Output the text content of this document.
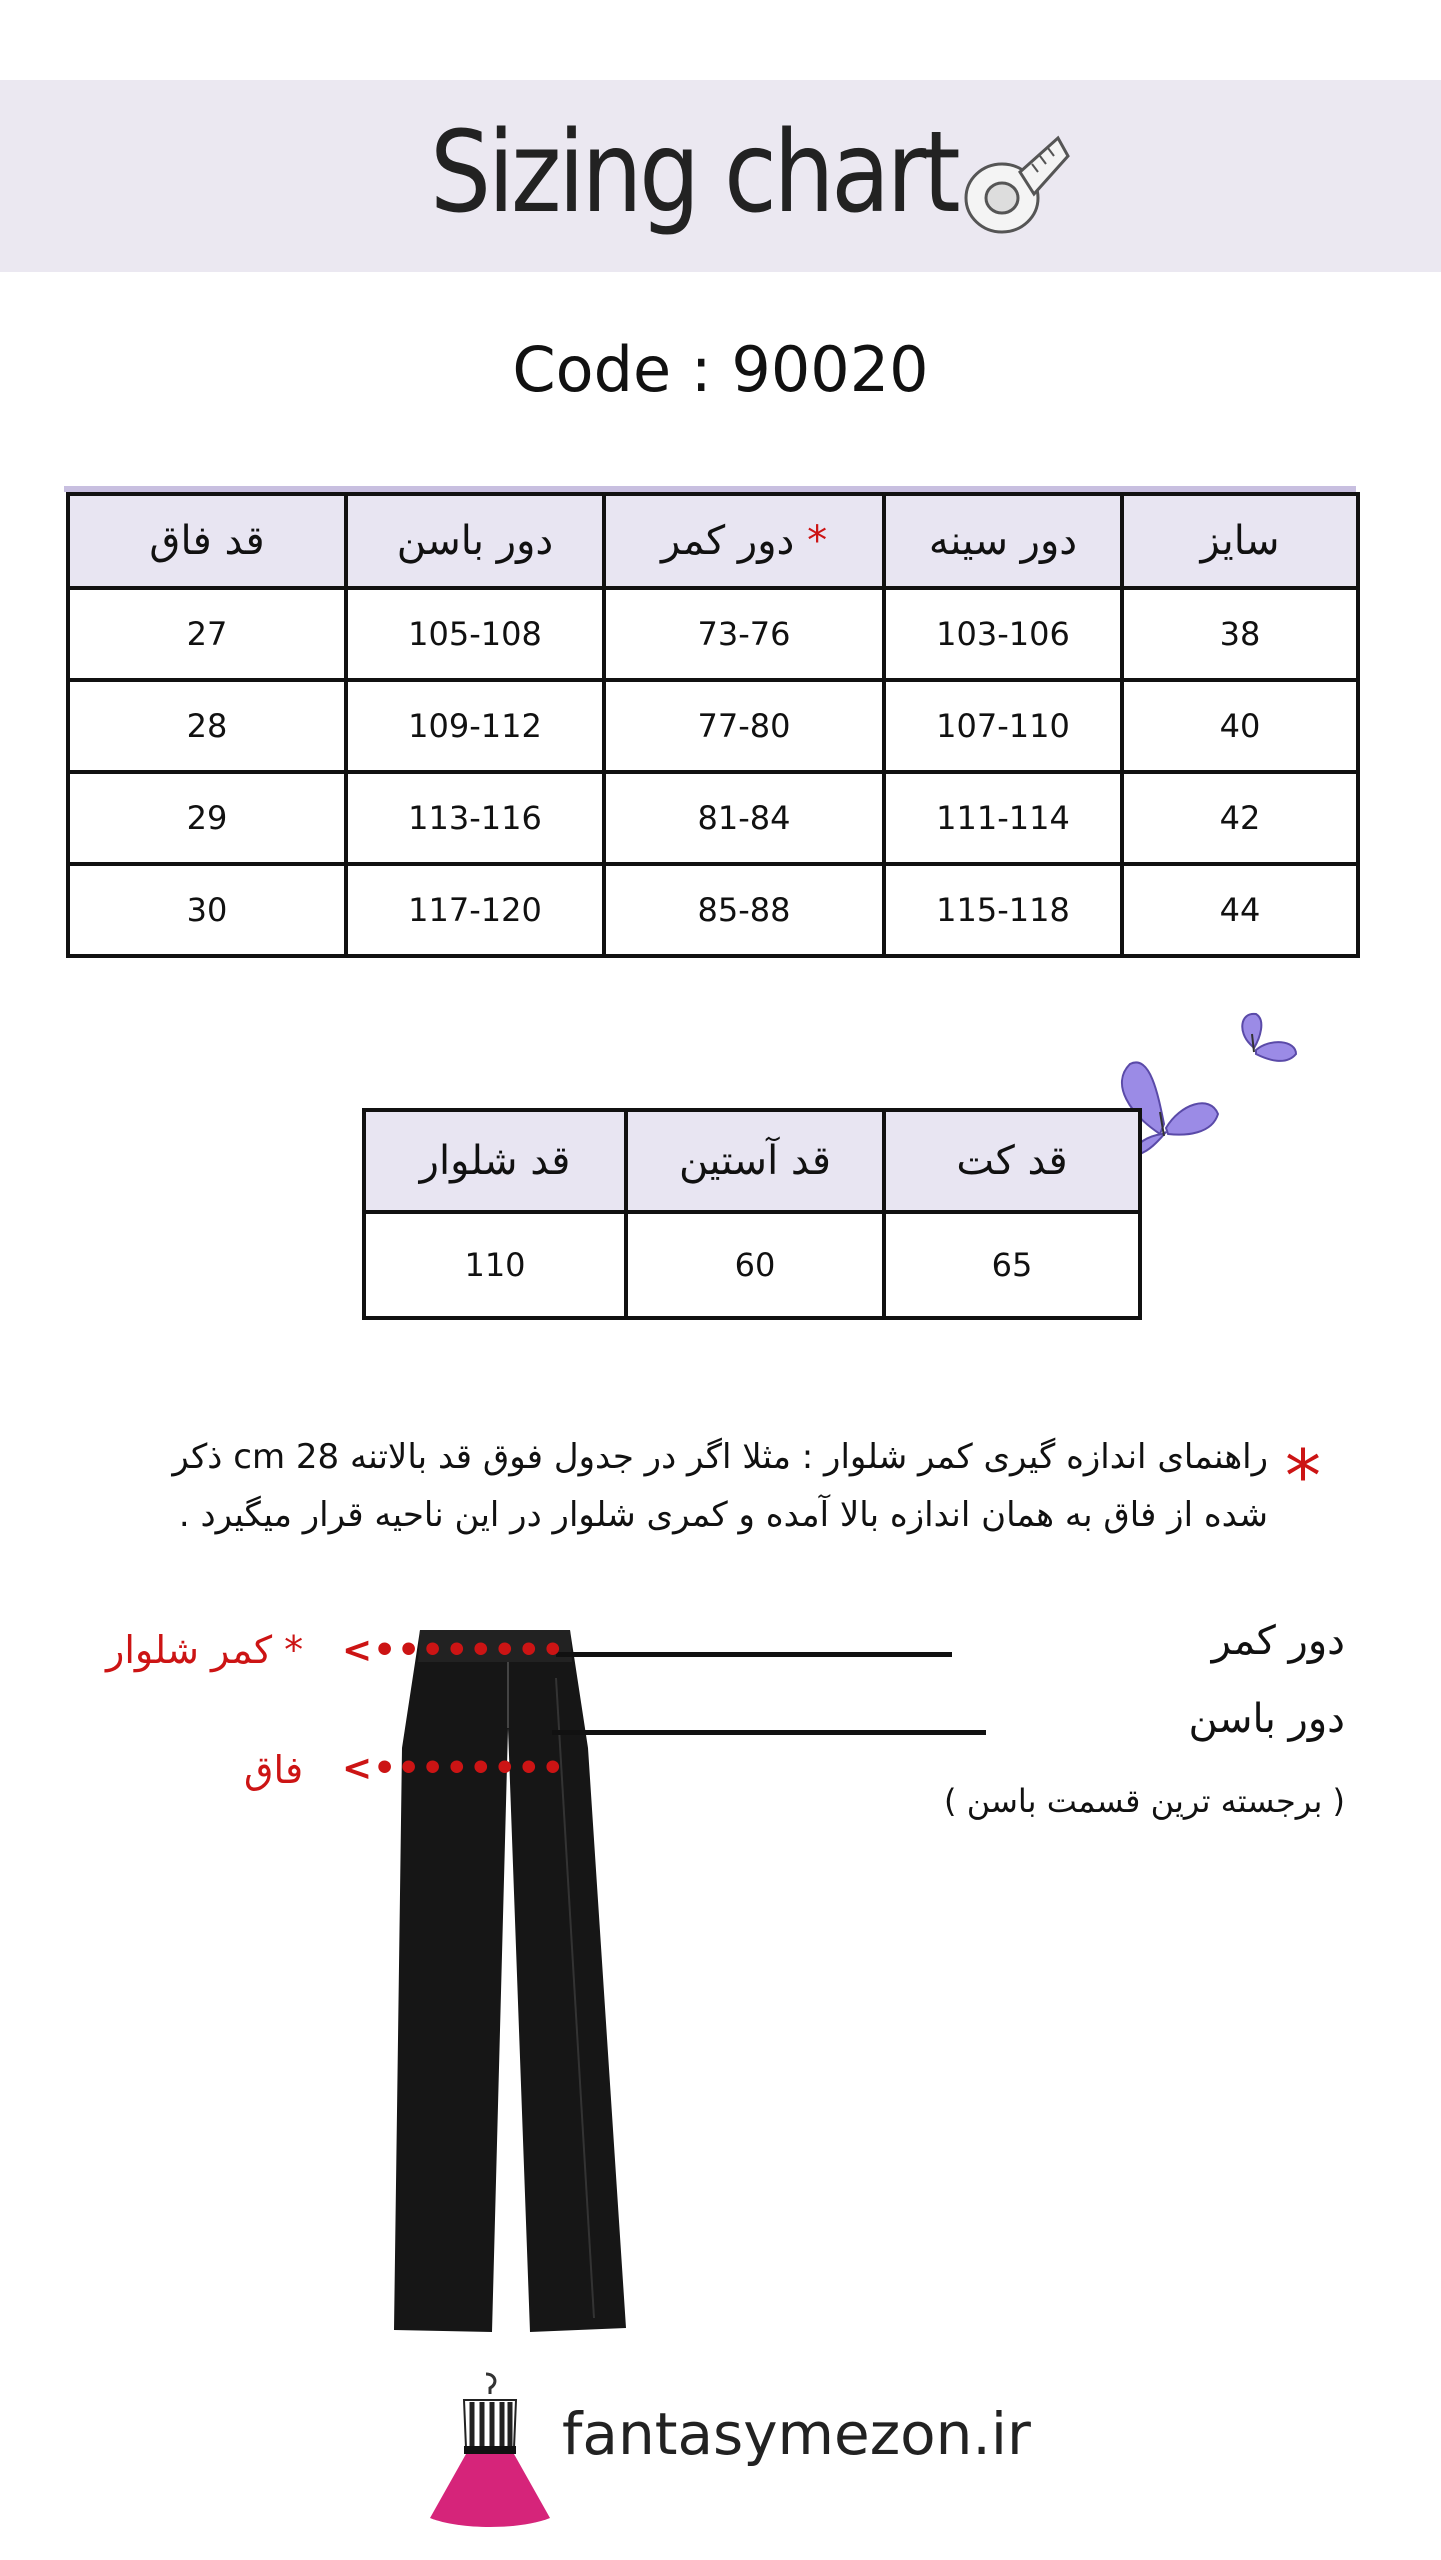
Sizing chart
Code : 90020
قد فاق	دور باسن	دور کمر *	دور سینه	سایز
27	105-108	73-76	103-106	38
28	109-112	77-80	107-110	40
29	113-116	81-84	111-114	42
30	117-120	85-88	115-118	44
قد شلوار	قد آستین	قد کت
110	60	65
*
راهنمای اندازه گیری کمر شلوار : مثلا اگر در جدول فوق قد بالاتنه 28 cm ذکر
شده از فاق به همان اندازه بالا آمده و کمری شلوار در این ناحیه قرار میگیرد .
<••••••••
<••••••••
دور کمر
دور باسن
( برجسته ترین قسمت باسن )
* کمر شلوار
فاق
fantasymezon.ir
